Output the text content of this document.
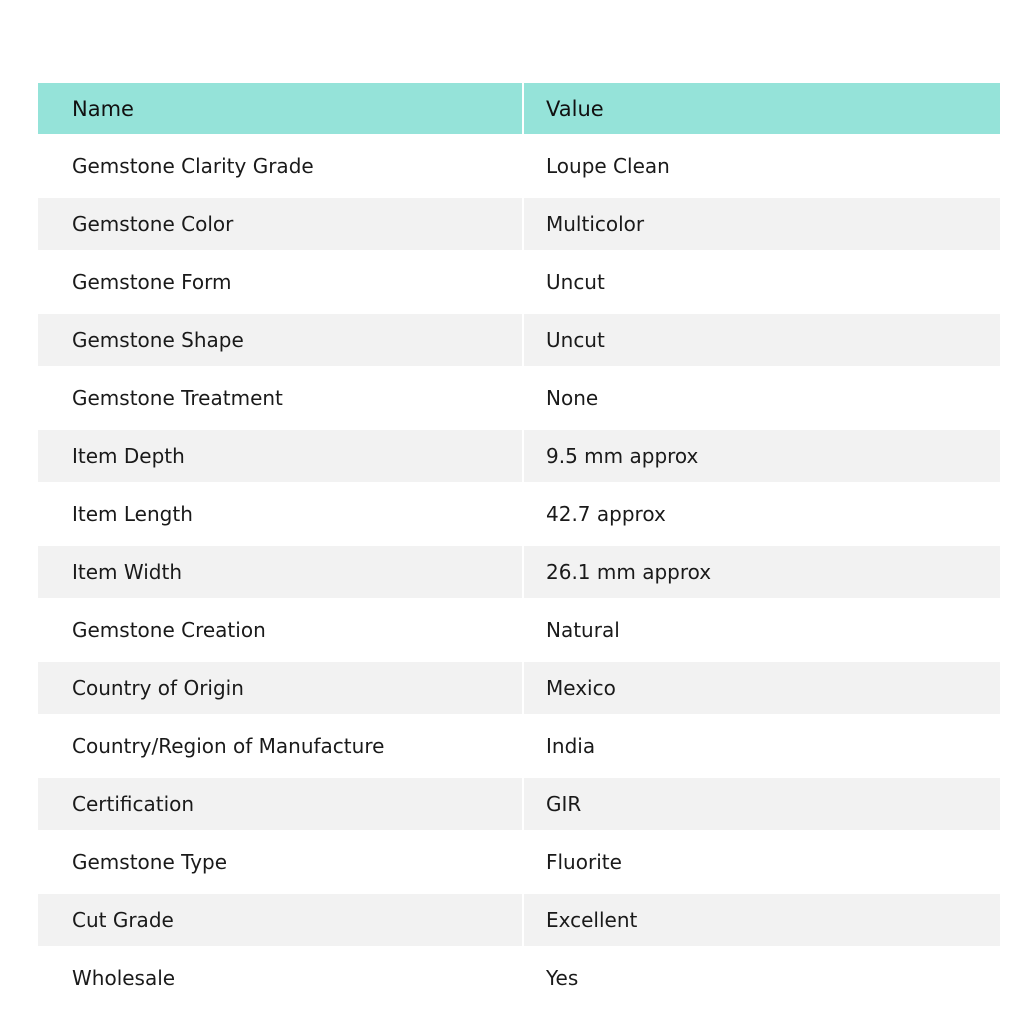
Name	Value
Gemstone Clarity Grade	Loupe Clean
Gemstone Color	Multicolor
Gemstone Form	Uncut
Gemstone Shape	Uncut
Gemstone Treatment	None
Item Depth	9.5 mm approx
Item Length	42.7 approx
Item Width	26.1 mm approx
Gemstone Creation	Natural
Country of Origin	Mexico
Country/Region of Manufacture	India
Certification	GIR
Gemstone Type	Fluorite
Cut Grade	Excellent
Wholesale	Yes
